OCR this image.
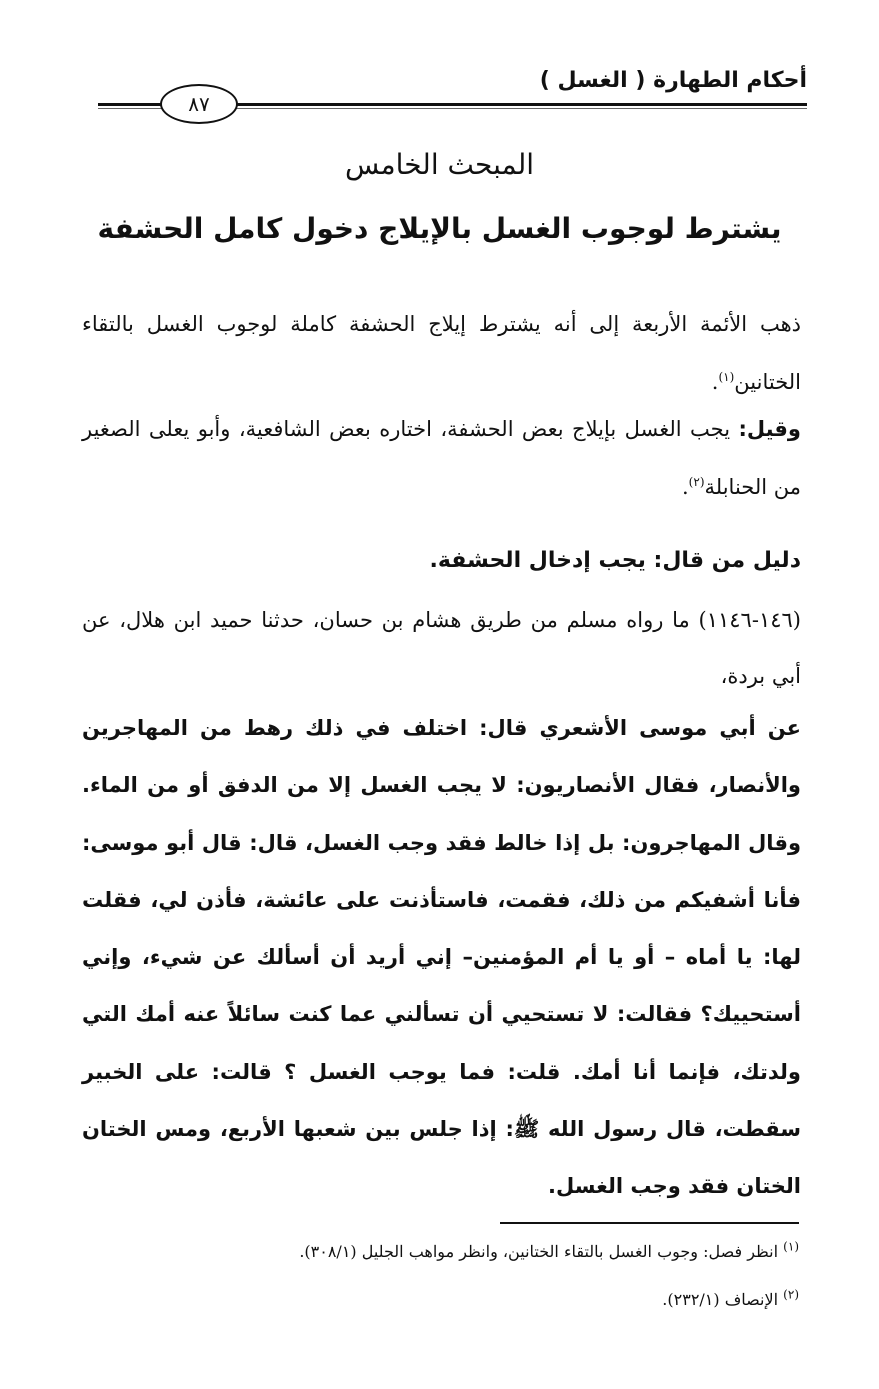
أحكام الطهارة ( الغسل )
٨٧
المبحث الخامس
يشترط لوجوب الغسل بالإيلاج دخول كامل الحشفة
ذهب الأئمة الأربعة إلى أنه يشترط إيلاج الحشفة كاملة لوجوب الغسل بالتقاء الختانين$^{(١)}$.
وقيل: يجب الغسل بإيلاج بعض الحشفة، اختاره بعض الشافعية، وأبو يعلى الصغير من الحنابلة$^{(٢)}$.
دليل من قال: يجب إدخال الحشفة.
(١٤٦-١١٤٦) ما رواه مسلم من طريق هشام بن حسان، حدثنا حميد ابن هلال، عن أبي بردة،
عن أبي موسى الأشعري قال: اختلف في ذلك رهط من المهاجرين والأنصار، فقال الأنصاريون: لا يجب الغسل إلا من الدفق أو من الماء. وقال المهاجرون: بل إذا خالط فقد وجب الغسل، قال: قال أبو موسى: فأنا أشفيكم من ذلك، فقمت، فاستأذنت على عائشة، فأذن لي، فقلت لها: يا أماه – أو يا أم المؤمنين– إني أريد أن أسألك عن شيء، وإني أستحييك؟ فقالت: لا تستحيي أن تسألني عما كنت سائلاً عنه أمك التي ولدتك، فإنما أنا أمك. قلت: فما يوجب الغسل ؟ قالت: على الخبير سقطت، قال رسول الله ﷺ: إذا جلس بين شعبها الأربع، ومس الختان الختان فقد وجب الغسل.
$^{(١)}$ انظر فصل: وجوب الغسل بالتقاء الختانين، وانظر مواهب الجليل (٣٠٨/١).
$^{(٢)}$ الإنصاف (٢٣٢/١).
